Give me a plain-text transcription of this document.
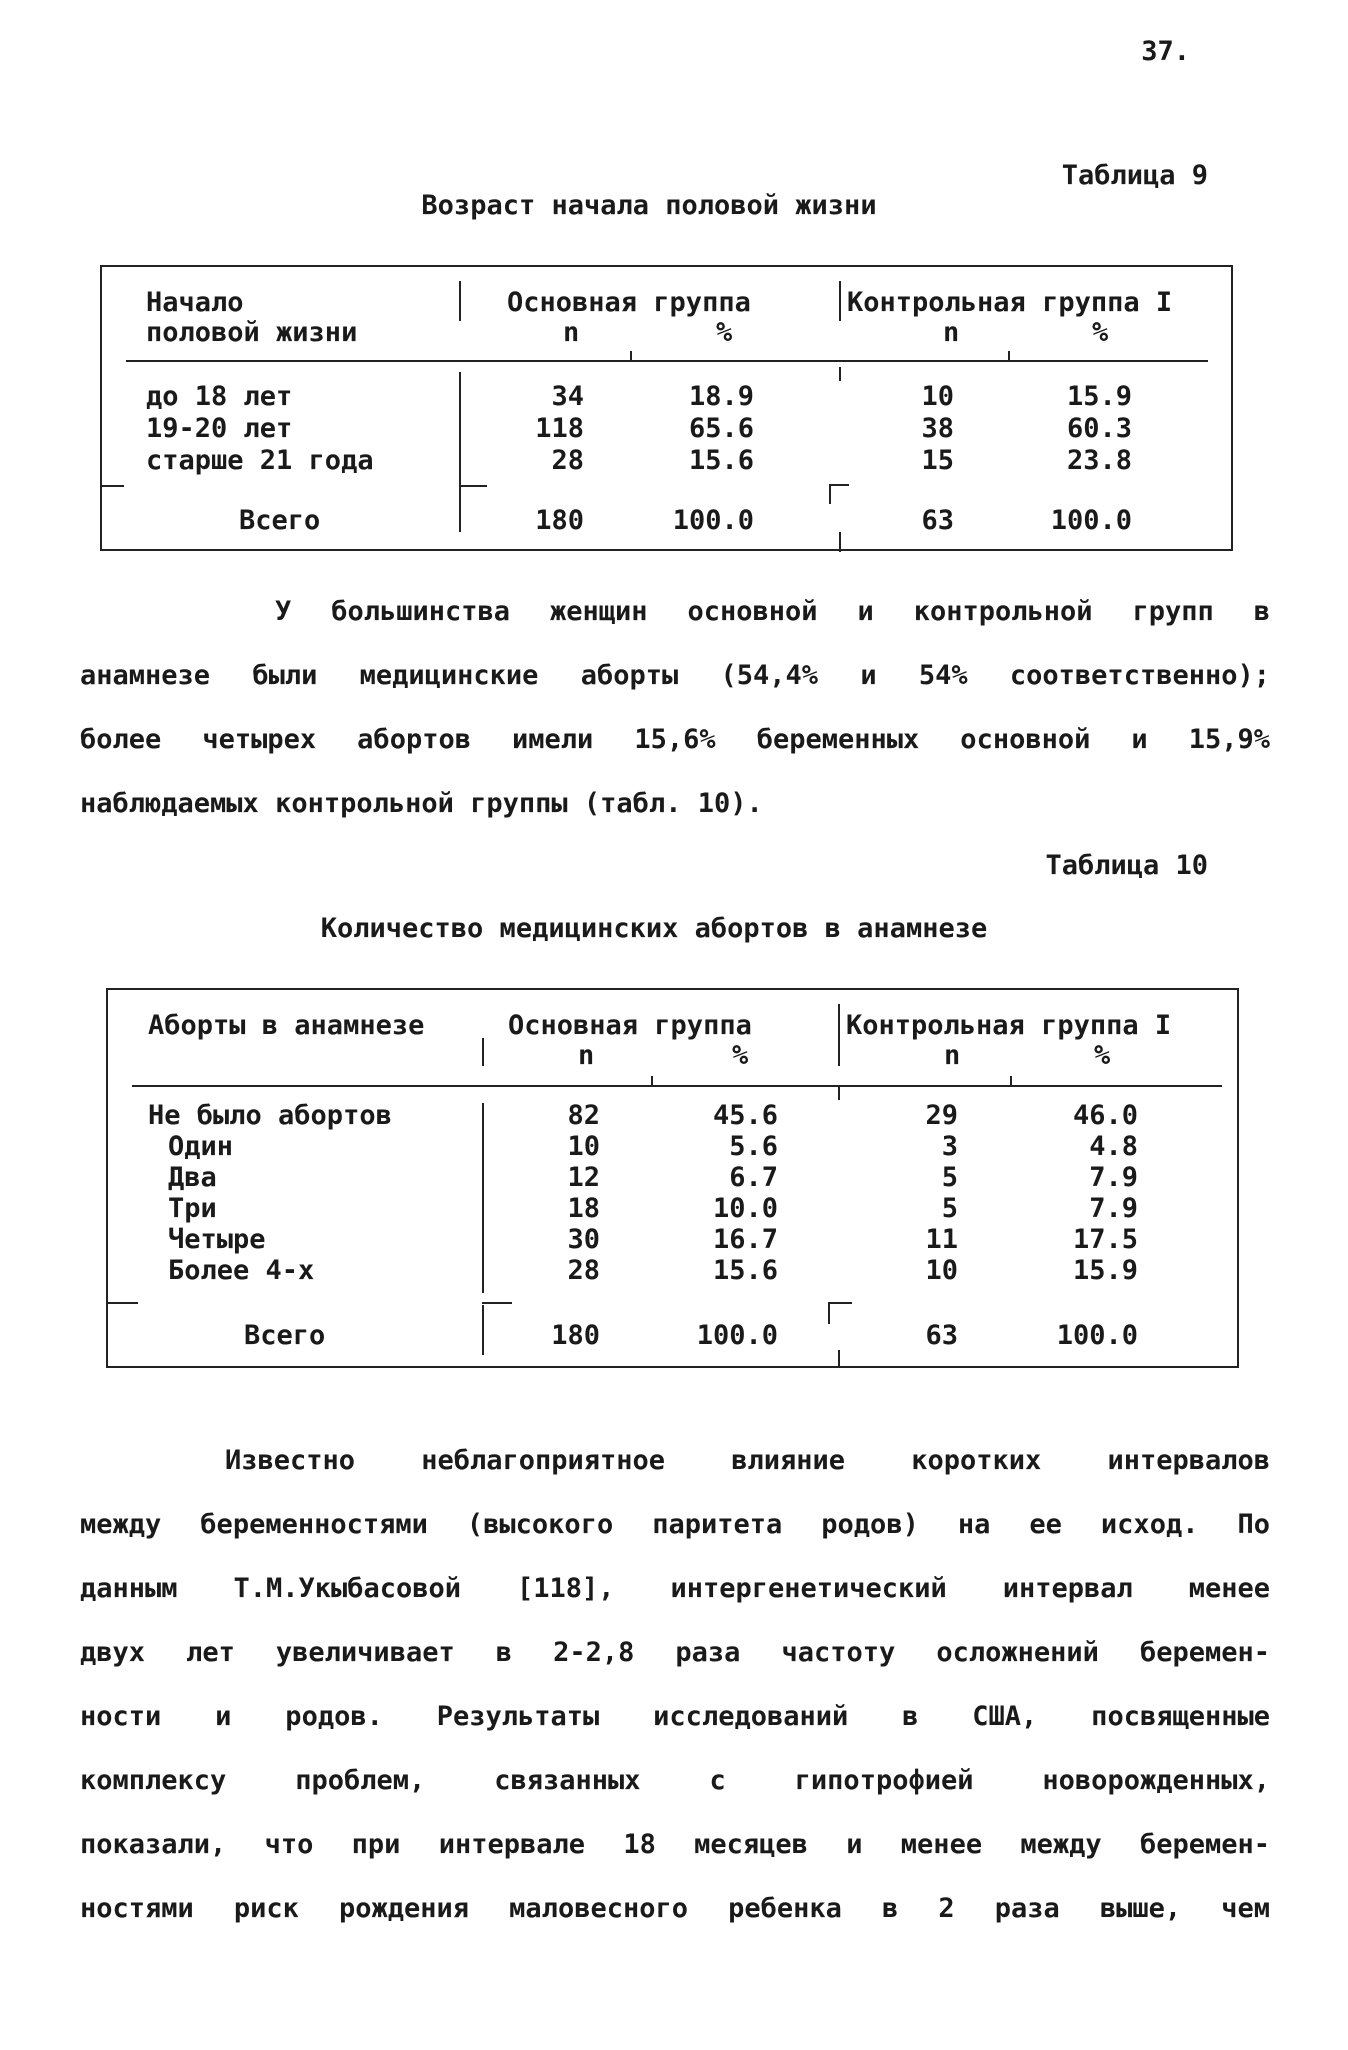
37.
Таблица 9
Возраст начала половой жизни
Начало
половой жизни
Основная группа	Контрольная группа I
n	%	n	%
до 18 лет	34	18.9	10	15.9
19-20 лет	118	65.6	38	60.3
старше 21 года	28	15.6	15	23.8
Всего	180	100.0	63	100.0
У большинства женщин основной и контрольной групп в
анамнезе были медицинские аборты (54,4% и 54% соответственно);
более четырех абортов имели 15,6% беременных основной и 15,9%
наблюдаемых контрольной группы (табл. 10).
Таблица 10
Количество медицинских абортов в анамнезе
Аборты в анамнезе	Основная группа	Контрольная группа I
n	%	n	%
Не было абортов	82	45.6	29	46.0
Один	10	5.6	3	4.8
Два	12	6.7	5	7.9
Три	18	10.0	5	7.9
Четыре	30	16.7	11	17.5
Более 4-х	28	15.6	10	15.9
Всего	180	100.0	63	100.0
Известно неблагоприятное влияние коротких интервалов
между беременностями (высокого паритета родов) на ее исход. По
данным Т.М.Укыбасовой [118], интергенетический интервал менее
двух лет увеличивает в 2-2,8 раза частоту осложнений беремен-
ности и родов. Результаты исследований в США, посвященные
комплексу проблем, связанных с гипотрофией новорожденных,
показали, что при интервале 18 месяцев и менее между беремен-
ностями риск рождения маловесного ребенка в 2 раза выше, чем
